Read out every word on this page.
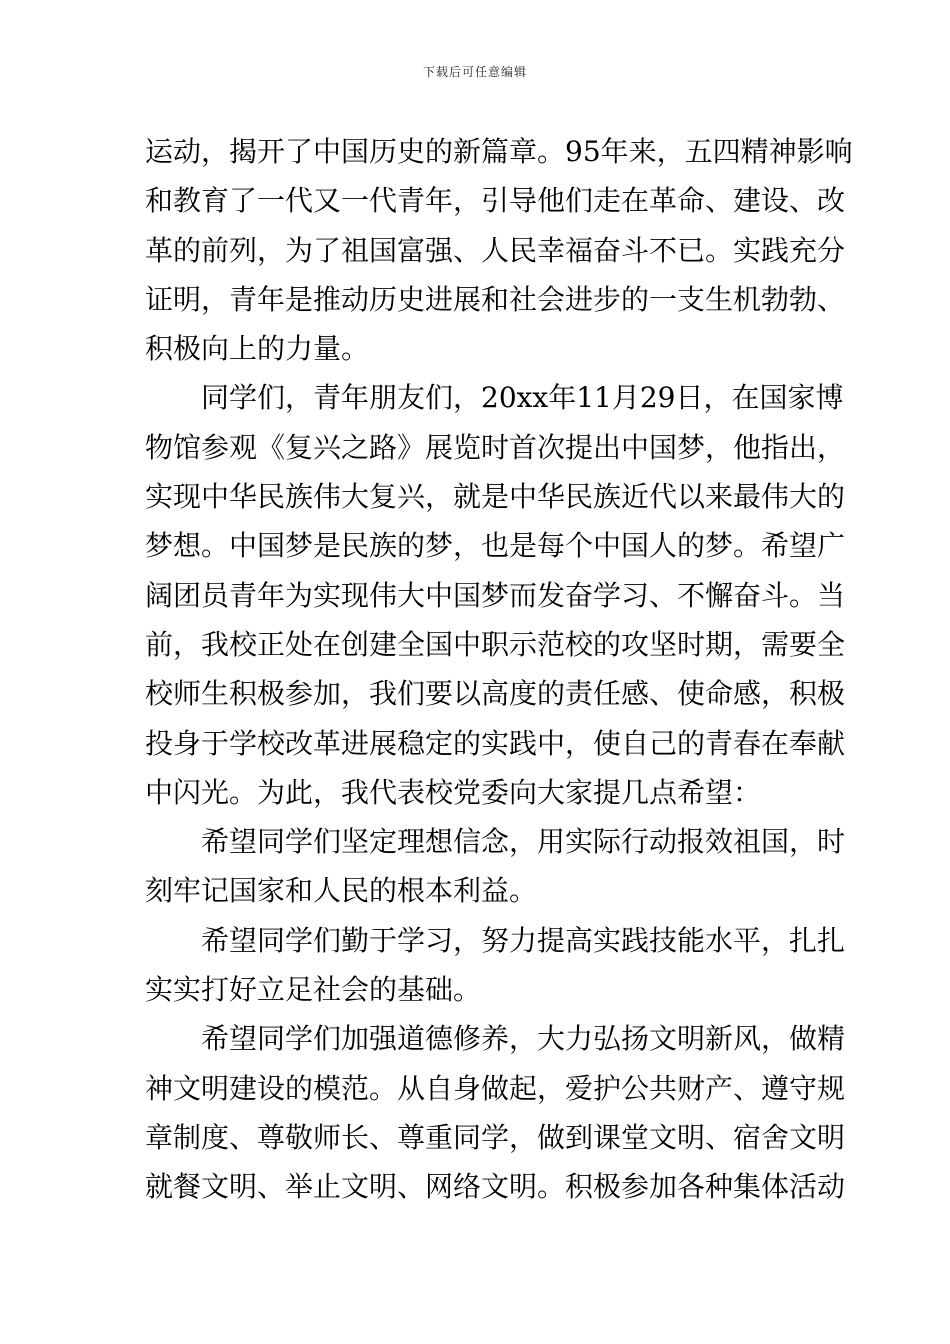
下载后可任意编辑
运动，揭开了中国历史的新篇章。95年来，五四精神影响
和教育了一代又一代青年，引导他们走在革命、建设、改
革的前列，为了祖国富强、人民幸福奋斗不已。实践充分
证明，青年是推动历史进展和社会进步的一支生机勃勃、
积极向上的力量。
同学们，青年朋友们，20xx年11月29日，在国家博
物馆参观《复兴之路》展览时首次提出中国梦，他指出，
实现中华民族伟大复兴，就是中华民族近代以来最伟大的
梦想。中国梦是民族的梦，也是每个中国人的梦。希望广
阔团员青年为实现伟大中国梦而发奋学习、不懈奋斗。当
前，我校正处在创建全国中职示范校的攻坚时期，需要全
校师生积极参加，我们要以高度的责任感、使命感，积极
投身于学校改革进展稳定的实践中，使自己的青春在奉献
中闪光。为此，我代表校党委向大家提几点希望：
希望同学们坚定理想信念，用实际行动报效祖国，时
刻牢记国家和人民的根本利益。
希望同学们勤于学习，努力提高实践技能水平，扎扎
实实打好立足社会的基础。
希望同学们加强道德修养，大力弘扬文明新风，做精
神文明建设的模范。从自身做起，爱护公共财产、遵守规
章制度、尊敬师长、尊重同学，做到课堂文明、宿舍文明
就餐文明、举止文明、网络文明。积极参加各种集体活动
